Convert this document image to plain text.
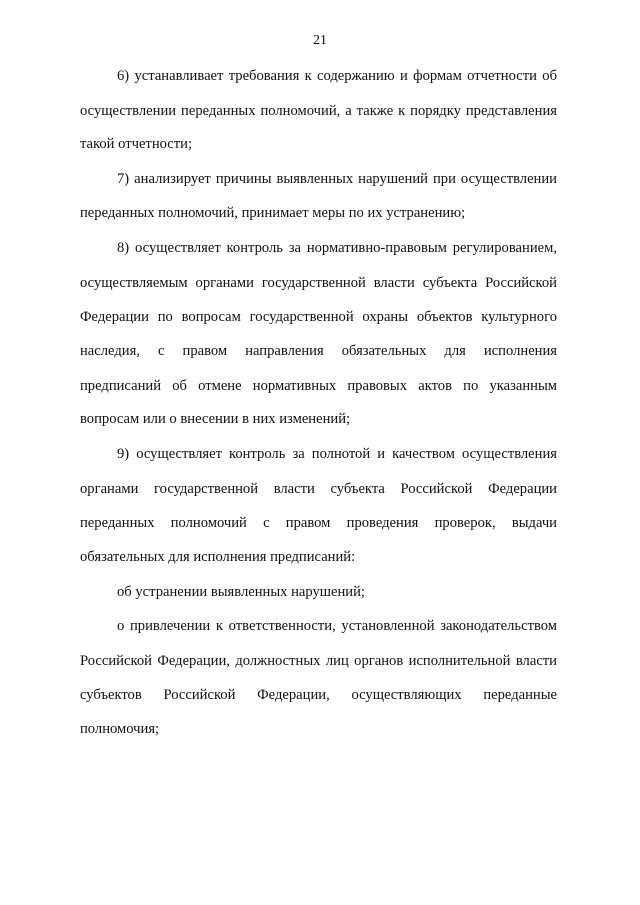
21
6) устанавливает требования к содержанию и формам отчетности об
осуществлении переданных полномочий, а также к порядку представления
такой отчетности;
7) анализирует причины выявленных нарушений при осуществлении
переданных полномочий, принимает меры по их устранению;
8) осуществляет контроль за нормативно-правовым регулированием,
осуществляемым органами государственной власти субъекта Российской
Федерации по вопросам государственной охраны объектов культурного
наследия, с правом направления обязательных для исполнения
предписаний об отмене нормативных правовых актов по указанным
вопросам или о внесении в них изменений;
9) осуществляет контроль за полнотой и качеством осуществления
органами государственной власти субъекта Российской Федерации
переданных полномочий с правом проведения проверок, выдачи
обязательных для исполнения предписаний:
об устранении выявленных нарушений;
о привлечении к ответственности, установленной законодательством
Российской Федерации, должностных лиц органов исполнительной власти
субъектов Российской Федерации, осуществляющих переданные
полномочия;
